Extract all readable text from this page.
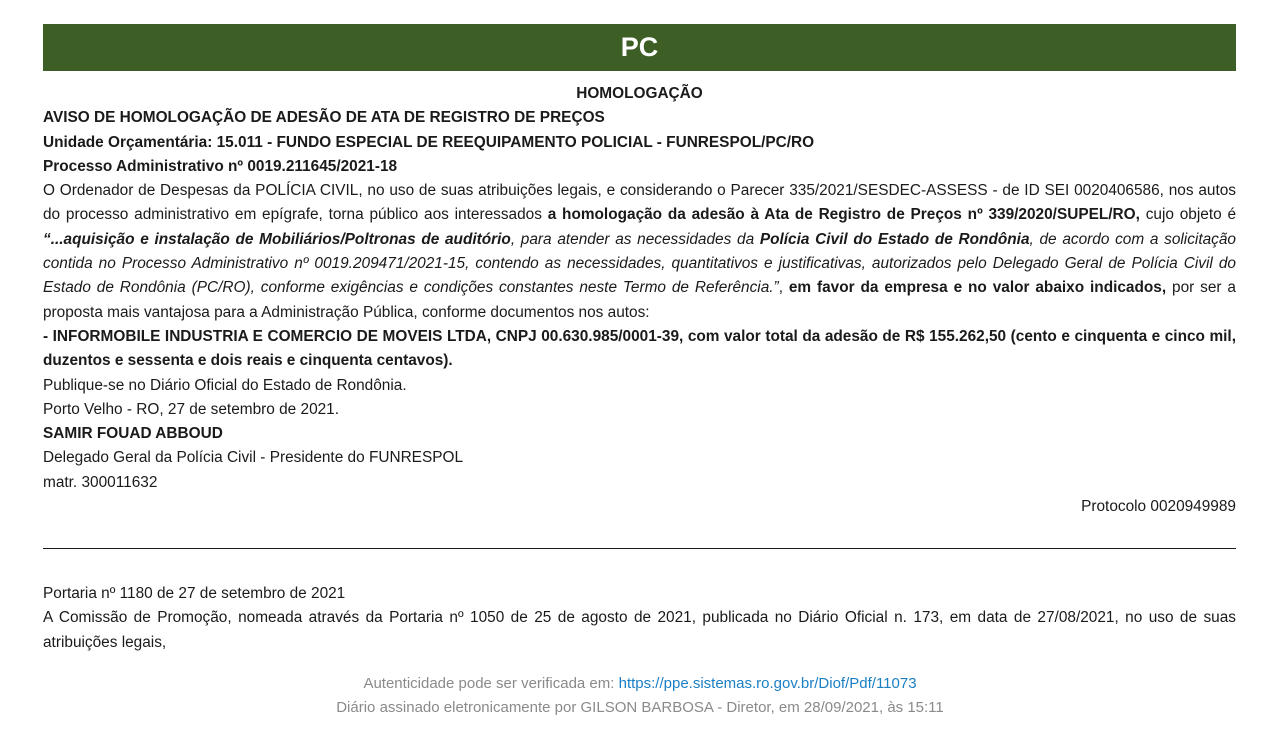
PC
HOMOLOGAÇÃO
AVISO DE HOMOLOGAÇÃO DE ADESÃO DE ATA DE REGISTRO DE PREÇOS
Unidade Orçamentária: 15.011 - FUNDO ESPECIAL DE REEQUIPAMENTO POLICIAL - FUNRESPOL/PC/RO
Processo Administrativo nº 0019.211645/2021-18
O Ordenador de Despesas da POLÍCIA CIVIL, no uso de suas atribuições legais, e considerando o Parecer 335/2021/SESDEC-ASSESS - de ID SEI 0020406586, nos autos do processo administrativo em epígrafe, torna público aos interessados a homologação da adesão à Ata de Registro de Preços nº 339/2020/SUPEL/RO, cujo objeto é “...aquisição e instalação de Mobiliários/Poltronas de auditório, para atender as necessidades da Polícia Civil do Estado de Rondônia, de acordo com a solicitação contida no Processo Administrativo nº 0019.209471/2021-15, contendo as necessidades, quantitativos e justificativas, autorizados pelo Delegado Geral de Polícia Civil do Estado de Rondônia (PC/RO), conforme exigências e condições constantes neste Termo de Referência.”, em favor da empresa e no valor abaixo indicados, por ser a proposta mais vantajosa para a Administração Pública, conforme documentos nos autos:
- INFORMOBILE INDUSTRIA E COMERCIO DE MOVEIS LTDA, CNPJ 00.630.985/0001-39, com valor total da adesão de R$ 155.262,50 (cento e cinquenta e cinco mil, duzentos e sessenta e dois reais e cinquenta centavos).
Publique-se no Diário Oficial do Estado de Rondônia.
Porto Velho - RO, 27 de setembro de 2021.
SAMIR FOUAD ABBOUD
Delegado Geral da Polícia Civil - Presidente do FUNRESPOL
matr. 300011632
Protocolo 0020949989
Portaria nº 1180 de 27 de setembro de 2021
A Comissão de Promoção, nomeada através da Portaria nº 1050 de 25 de agosto de 2021, publicada no Diário Oficial n. 173, em data de 27/08/2021, no uso de suas atribuições legais,
Autenticidade pode ser verificada em: https://ppe.sistemas.ro.gov.br/Diof/Pdf/11073
Diário assinado eletronicamente por GILSON BARBOSA - Diretor, em 28/09/2021, às 15:11
